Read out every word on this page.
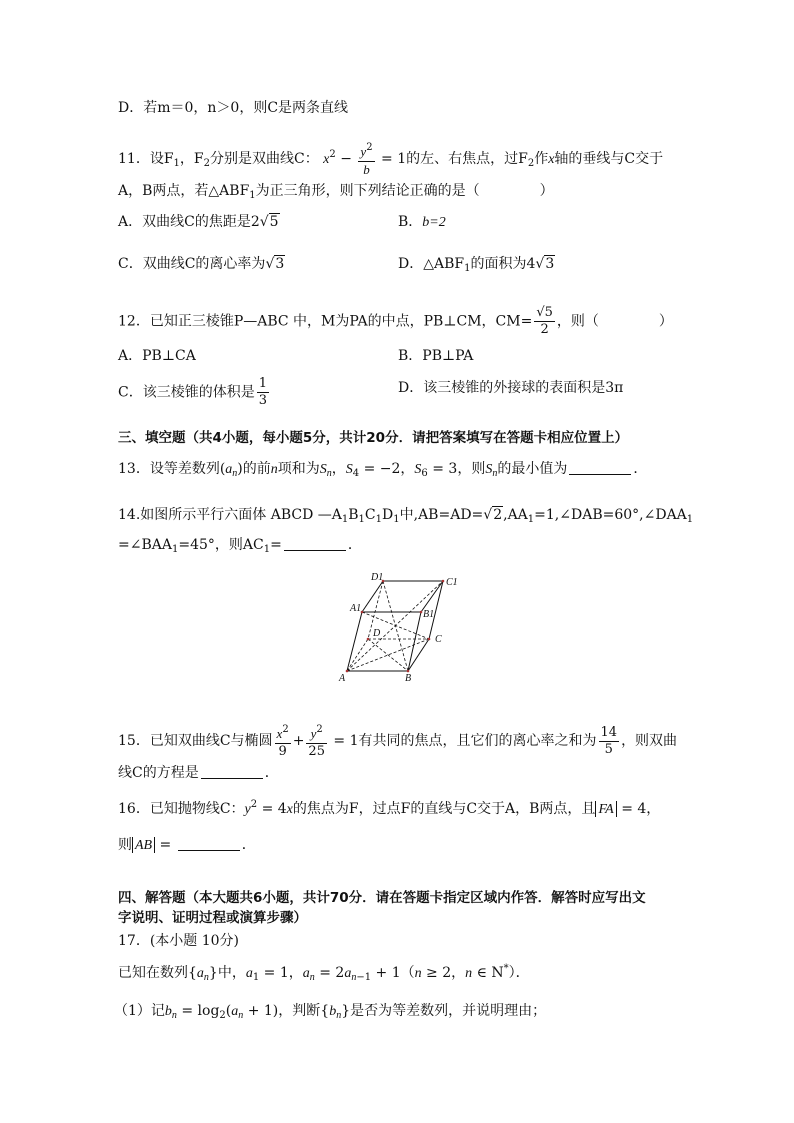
D．若m＝0，n＞0，则C是两条直线
11．设$F_1$，$F_2$分别是双曲线C： $x^2 - \frac{y^2}{b} = 1$的左、右焦点，过$F_2$作x轴的垂线与C交于
A，B两点，若$\triangle ABF_1$为正三角形，则下列结论正确的是（	）
A．双曲线C的焦距是2√5	B．b=2
C．双曲线C的离心率为√3	D．$\triangle ABF_1$的面积为4√3
12．已知正三棱锥P—ABC 中，M为PA的中点，PB⊥CM，$CM= \frac{√5}{2}$ ，则（	）
A．PB⊥CA	B．PB⊥PA
C．该三棱锥的体积是 $\frac{1}{3}$	D．该三棱锥的外接球的表面积是3π
三、填空题（共4小题，每小题5分，共计20分．请把答案填写在答题卡相应位置上）
13．设等差数列$(a_n)$的前n项和为$S_n$，$S_4 = -2$，$S_6 = 3$，则$S_n$的最小值为	．
14.如图所示平行六面体 ABCD $—A_1B_1C_1D_1$中$,AB=AD=√2,AA_1=1,\angle DAB=60^\circ,\angle DAA_1$
$=\angle BAA_1=45^\circ$，则$AC_1=$	．
D1	C1
A1
B1
D
C
A	B
15．已知双曲线C与椭圆 $\frac{x^2}{9} + \frac{y^2}{25} = 1$有共同的焦点，且它们的离心率之和为 $\frac{14}{5}$ ，则双曲
线C的方程是	．
16．已知抛物线C：$y^2 = 4x$的焦点为F，过点F的直线与C交于A，B两点，且 FA = 4，
则 AB =	．
四、解答题（本大题共6小题，共计70分．请在答题卡指定区域内作答．解答时应写出文
字说明、证明过程或演算步骤）
17．(本小题 10分)
已知在数列$\{a_n\}$中，$a_1 = 1$，$a_n = 2a_{n-1} + 1(n \ge 2$，n ∈ N*）．
（1）记$b_n = \log_2(a_n + 1)$，判断$\{b_n\}$是否为等差数列，并说明理由；
